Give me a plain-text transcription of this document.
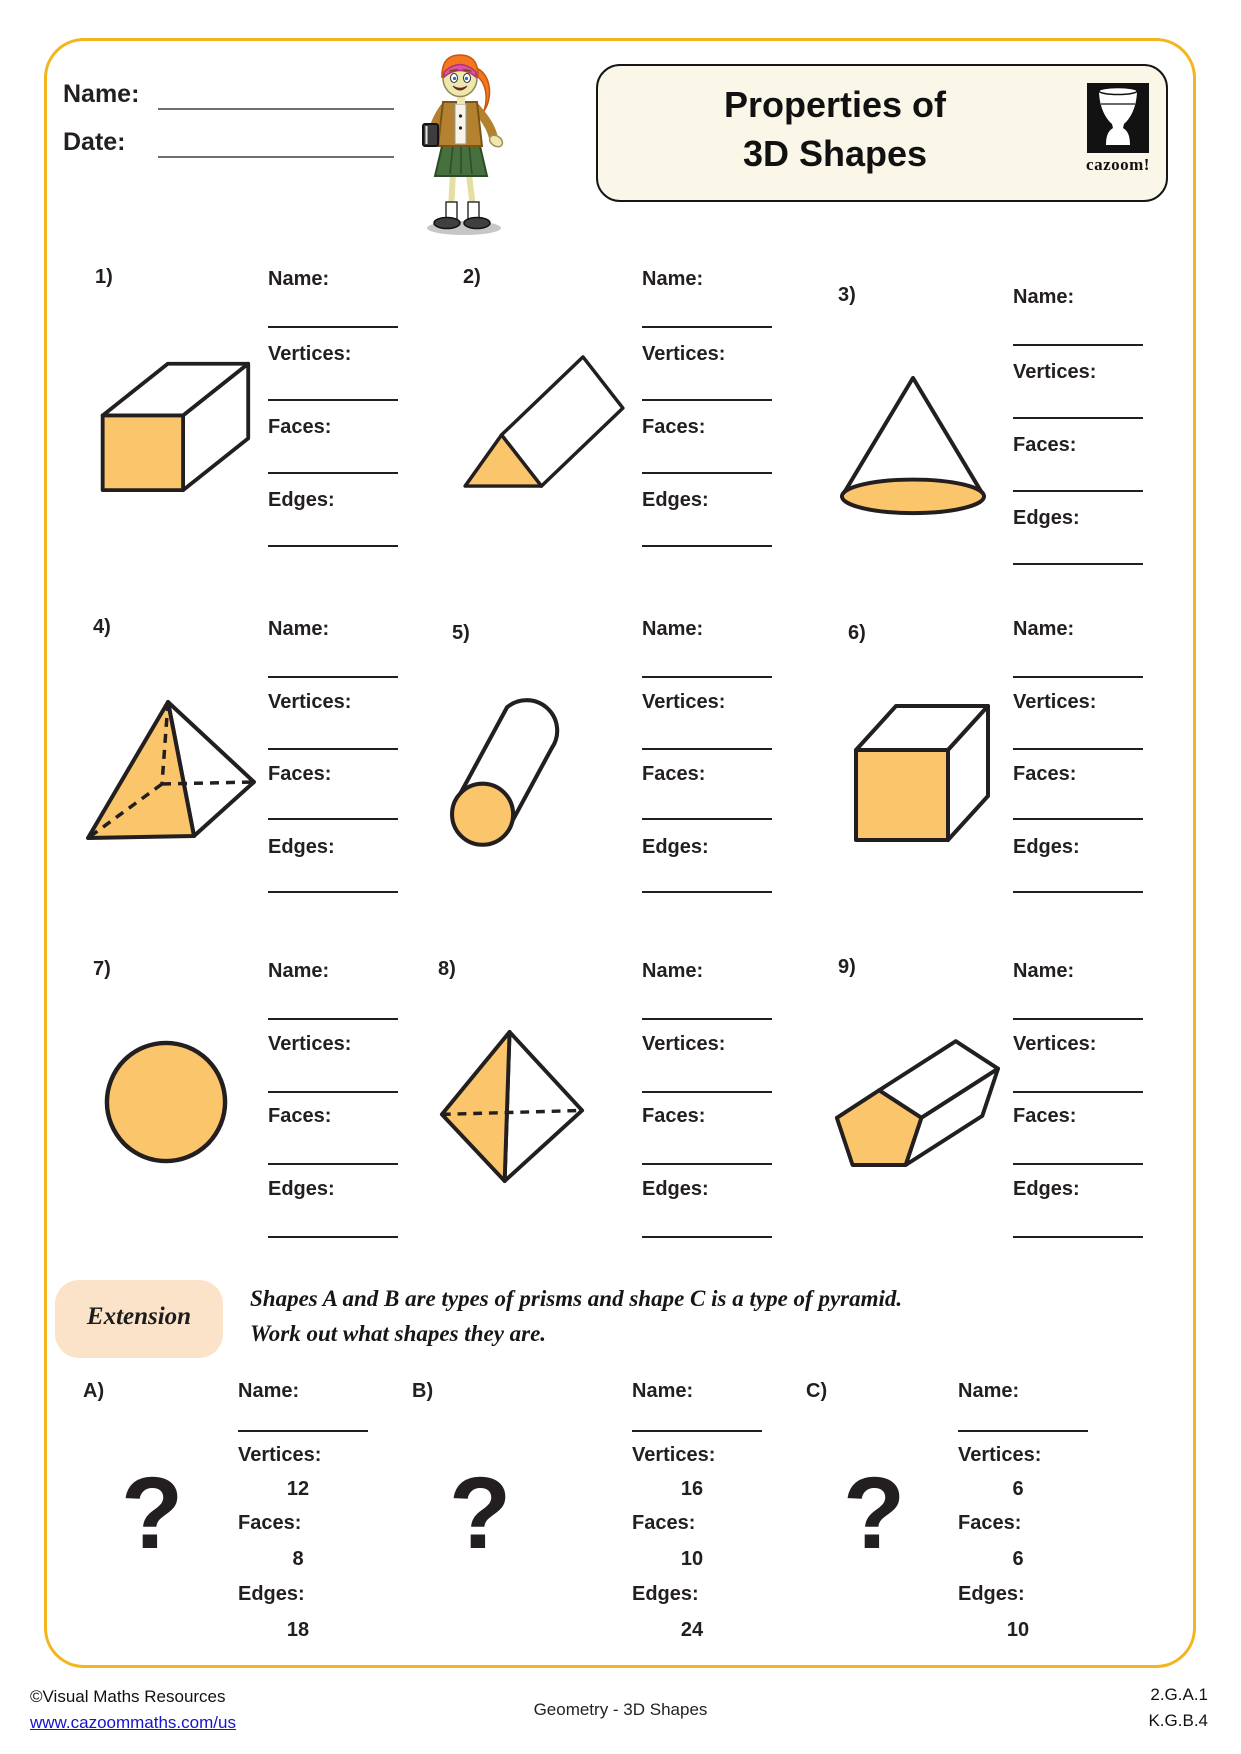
Name:
Date:
Properties of
3D Shapes	cazoom!
1)	Name:
Vertices:
Faces:
Edges:
2)	Name:
Vertices:
Faces:
Edges:
3)	Name:
Vertices:
Faces:
Edges:
4)	Name:
Vertices:
Faces:
Edges:
5)	Name:
Vertices:
Faces:
Edges:
6)	Name:
Vertices:
Faces:
Edges:
7)	Name:
Vertices:
Faces:
Edges:
8)	Name:
Vertices:
Faces:
Edges:
9)	Name:
Vertices:
Faces:
Edges:
Extension
Shapes A and B are types of prisms and shape C is a type of pyramid.
Work out what shapes they are.
A)
?
Name:
Vertices:
12
Faces:
8
Edges:
18
B)
?
Name:
Vertices:
16
Faces:
10
Edges:
24
C)
?
Name:
Vertices:
6
Faces:
6
Edges:
10
©Visual Maths Resources
www.cazoommaths.com/us
Geometry - 3D Shapes
2.G.A.1
K.G.B.4
